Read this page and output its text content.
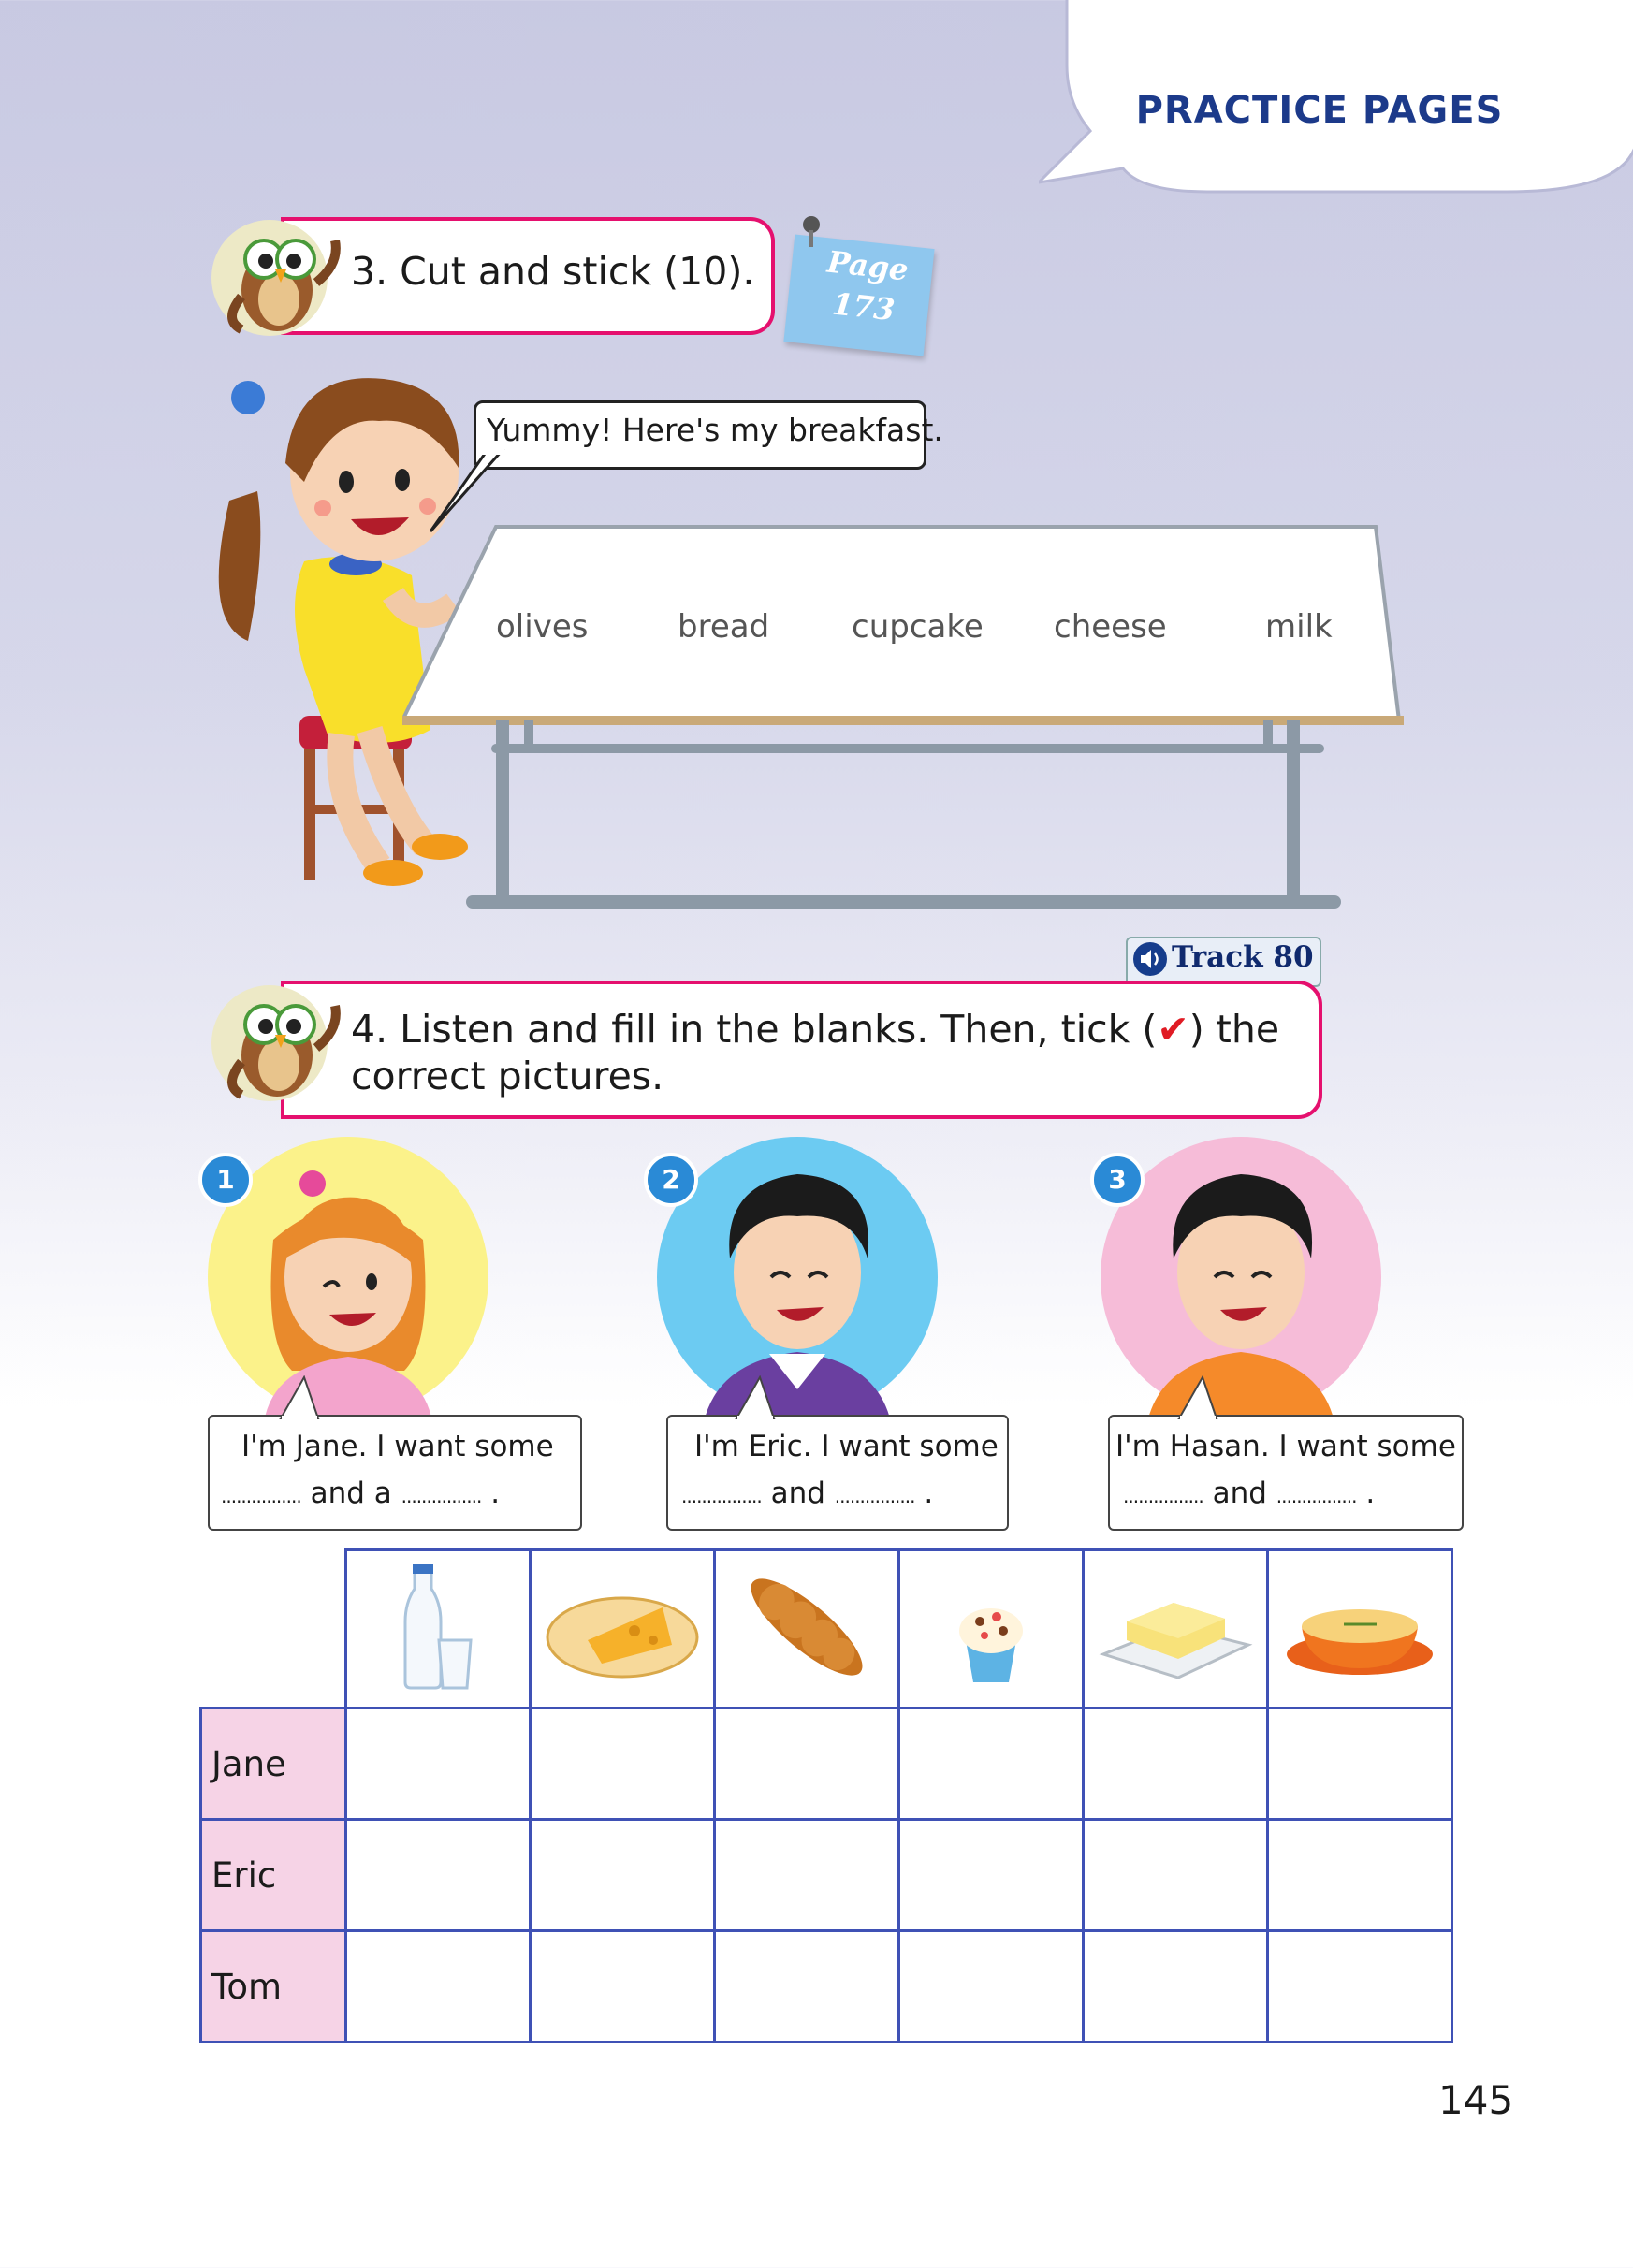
PRACTICE PAGES
3. Cut and stick (10).	Page
173
Yummy! Here's my breakfast.
olives	bread	cupcake cheese	milk
Track 80
4. Listen and fill in the blanks. Then, tick (✔) the
correct pictures.
1
I'm Jane. I want some
................ and a ................ .
2
I'm Eric. I want some
................ and ................ .
3
I'm Hasan. I want some
................ and ................ .

Jane						
Eric						
Tom						
145
